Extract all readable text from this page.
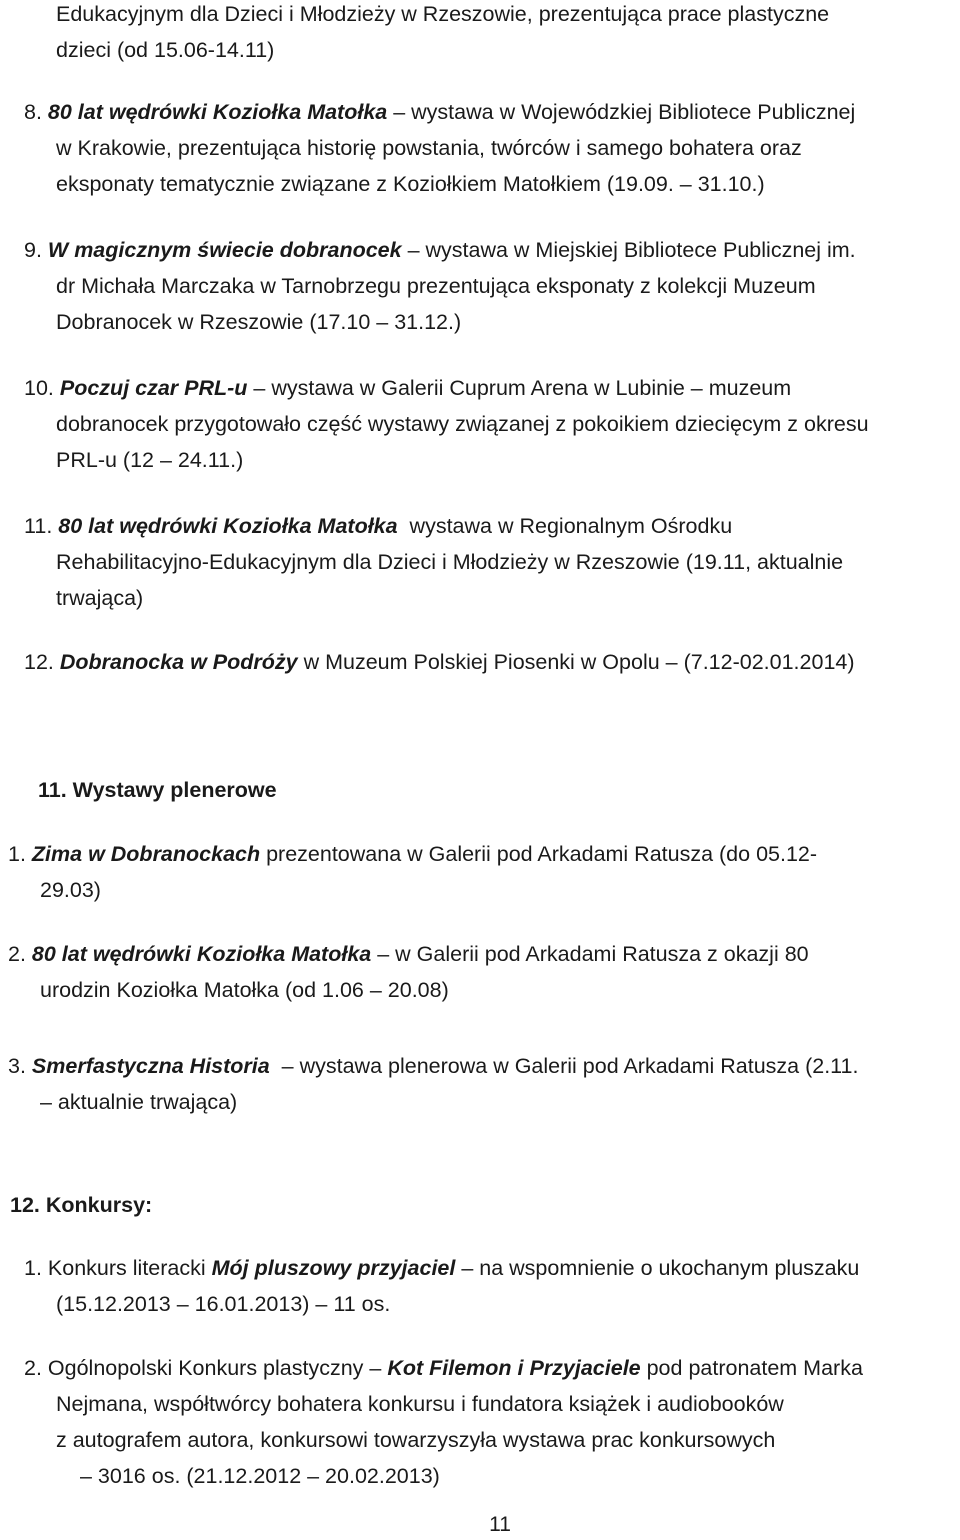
Edukacyjnym dla Dzieci i Młodzieży w Rzeszowie, prezentująca prace plastyczne
dzieci (od 15.06-14.11)
8. 80 lat wędrówki Koziołka Matołka – wystawa w Wojewódzkiej Bibliotece Publicznej
w Krakowie, prezentująca historię powstania, twórców i samego bohatera oraz
eksponaty tematycznie związane z Koziołkiem Matołkiem (19.09. – 31.10.)
9. W magicznym świecie dobranocek – wystawa w Miejskiej Bibliotece Publicznej im.
dr Michała Marczaka w Tarnobrzegu prezentująca eksponaty z kolekcji Muzeum
Dobranocek w Rzeszowie (17.10 – 31.12.)
10. Poczuj czar PRL-u – wystawa w Galerii Cuprum Arena w Lubinie – muzeum
dobranocek przygotowało część wystawy związanej z pokoikiem dziecięcym z okresu
PRL-u (12 – 24.11.)
11. 80 lat wędrówki Koziołka Matołka  wystawa w Regionalnym Ośrodku
Rehabilitacyjno-Edukacyjnym dla Dzieci i Młodzieży w Rzeszowie (19.11, aktualnie
trwająca)
12. Dobranocka w Podróży w Muzeum Polskiej Piosenki w Opolu – (7.12-02.01.2014)
11. Wystawy plenerowe
1. Zima w Dobranockach prezentowana w Galerii pod Arkadami Ratusza (do 05.12-
29.03)
2. 80 lat wędrówki Koziołka Matołka – w Galerii pod Arkadami Ratusza z okazji 80
urodzin Koziołka Matołka (od 1.06 – 20.08)
3. Smerfastyczna Historia  – wystawa plenerowa w Galerii pod Arkadami Ratusza (2.11.
– aktualnie trwająca)
12. Konkursy:
1. Konkurs literacki Mój pluszowy przyjaciel – na wspomnienie o ukochanym pluszaku
(15.12.2013 – 16.01.2013) – 11 os.
2. Ogólnopolski Konkurs plastyczny – Kot Filemon i Przyjaciele pod patronatem Marka
Nejmana, współtwórcy bohatera konkursu i fundatora książek i audiobooków
z autografem autora, konkursowi towarzyszyła wystawa prac konkursowych
– 3016 os. (21.12.2012 – 20.02.2013)
11
